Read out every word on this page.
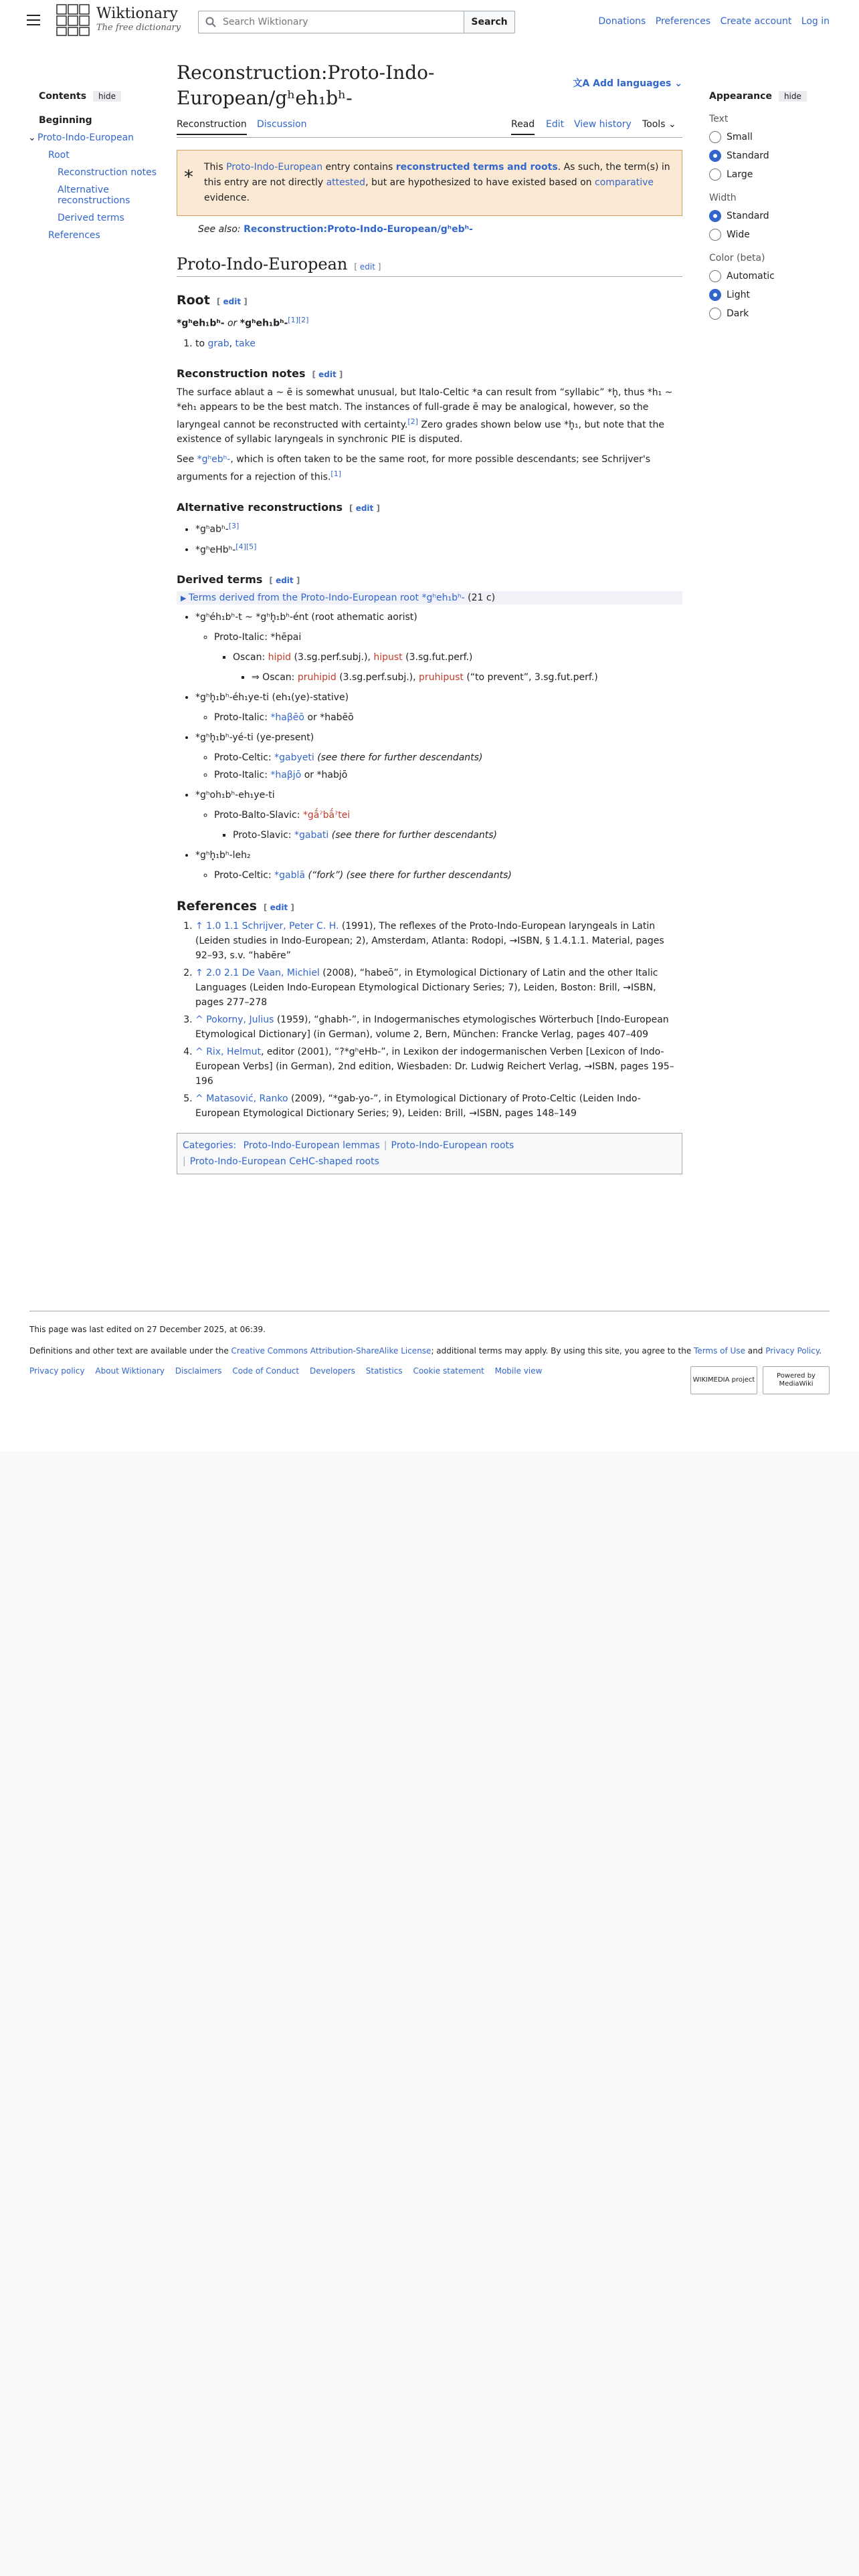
Wiktionary
The free dictionary
Search Wiktionary
Search	Donations Preferences Create account Log in
Contents hide
Beginning
⌄ Proto-Indo-European
Root
Reconstruction notes
Alternative reconstructions
Derived terms
References
Reconstruction:Proto-Indo-European/gʰeh₁bʰ-
文A Add languages ⌄
Reconstruction Discussion	Read Edit View history Tools ⌄
* This Proto-Indo-European entry contains reconstructed terms and roots. As such, the term(s) in this entry are not directly attested, but are hypothesized to have existed based on comparative evidence.
See also: Reconstruction:Proto-Indo-European/gʰebʰ-
Proto-Indo-European [ edit ]
Root [ edit ]

*gʰeh₁bʰ- or *gʰeh₁bʰ-[1][2]

1. to grab, take
Reconstruction notes [ edit ]

The surface ablaut a ~ ē is somewhat unusual, but Italo-Celtic *a can result from “syllabic” *h̥, thus *h₁ ~ *eh₁ appears to be the best match. The instances of full-grade ē may be analogical, however, so the laryngeal cannot be reconstructed with certainty.[2] Zero grades shown below use *h̥₁, but note that the existence of syllabic laryngeals in synchronic PIE is disputed.

See *gʰebʰ-, which is often taken to be the same root, for more possible descendants; see Schrijver's arguments for a rejection of this.[1]

Alternative reconstructions [ edit ]
• *gʰabʰ-[3]
• *gʰeHbʰ-[4][5]
Derived terms [ edit ]
▶ Terms derived from the Proto-Indo-European root *gʰeh₁bʰ- (21 c)
• *gʰéh₁bʰ-t ~ *gʰh̥₁bʰ-ént (root athematic aorist)
◦ Proto-Italic: *hēpai
▪ Oscan: hipid (3.sg.perf.subj.), hipust (3.sg.fut.perf.)
▪ ⇒ Oscan: pruhipid (3.sg.perf.subj.), pruhipust (“to prevent”, 3.sg.fut.perf.)
• *gʰh̥₁bʰ-éh₁ye-ti (eh₁(ye)-stative)
◦ Proto-Italic: *haβēō or *habēō
• *gʰh̥₁bʰ-yé-ti (ye-present)
◦ Proto-Celtic: *gabyeti (see there for further descendants)
◦ Proto-Italic: *haβjō or *habjō
• *gʰoh₁bʰ-eh₁ye-ti
◦ Proto-Balto-Slavic: *gā́ˀbā́ˀtei
▪ Proto-Slavic: *gabati (see there for further descendants)
• *gʰh̥₁bʰ-leh₂
◦ Proto-Celtic: *gablā (“fork”) (see there for further descendants)
References [ edit ]
1. ↑ 1.0 1.1 Schrijver, Peter C. H. (1991), The reflexes of the Proto-Indo-European laryngeals in Latin (Leiden studies in Indo-European; 2), Amsterdam, Atlanta: Rodopi, →ISBN, § 1.4.1.1. Material, pages 92–93, s.v. “habēre”
2. ↑ 2.0 2.1 De Vaan, Michiel (2008), “habeō”, in Etymological Dictionary of Latin and the other Italic Languages (Leiden Indo-European Etymological Dictionary Series; 7), Leiden, Boston: Brill, →ISBN, pages 277–278
3. ^ Pokorny, Julius (1959), “ghabh-”, in Indogermanisches etymologisches Wörterbuch [Indo-European Etymological Dictionary] (in German), volume 2, Bern, München: Francke Verlag, pages 407–409
4. ^ Rix, Helmut, editor (2001), “?*gʰeHb-”, in Lexikon der indogermanischen Verben [Lexicon of Indo-European Verbs] (in German), 2nd edition, Wiesbaden: Dr. Ludwig Reichert Verlag, →ISBN, pages 195–196
5. ^ Matasović, Ranko (2009), “*gab-yo-”, in Etymological Dictionary of Proto-Celtic (Leiden Indo-European Etymological Dictionary Series; 9), Leiden: Brill, →ISBN, pages 148–149
Categories: Proto-Indo-European lemmas | Proto-Indo-European roots
| Proto-Indo-European CeHC-shaped roots
Appearance hide
Text
Small
Standard
Large
Width
Standard
Wide
Color (beta)
Automatic
Light
Dark

This page was last edited on 27 December 2025, at 06:39.

Definitions and other text are available under the Creative Commons Attribution-ShareAlike License; additional terms may apply. By using this site, you agree to the Terms of Use and Privacy Policy.

Privacy policy About Wiktionary Disclaimers Code of Conduct Developers Statistics Cookie statement Mobile view
WIKIMEDIA project
Powered by MediaWiki
